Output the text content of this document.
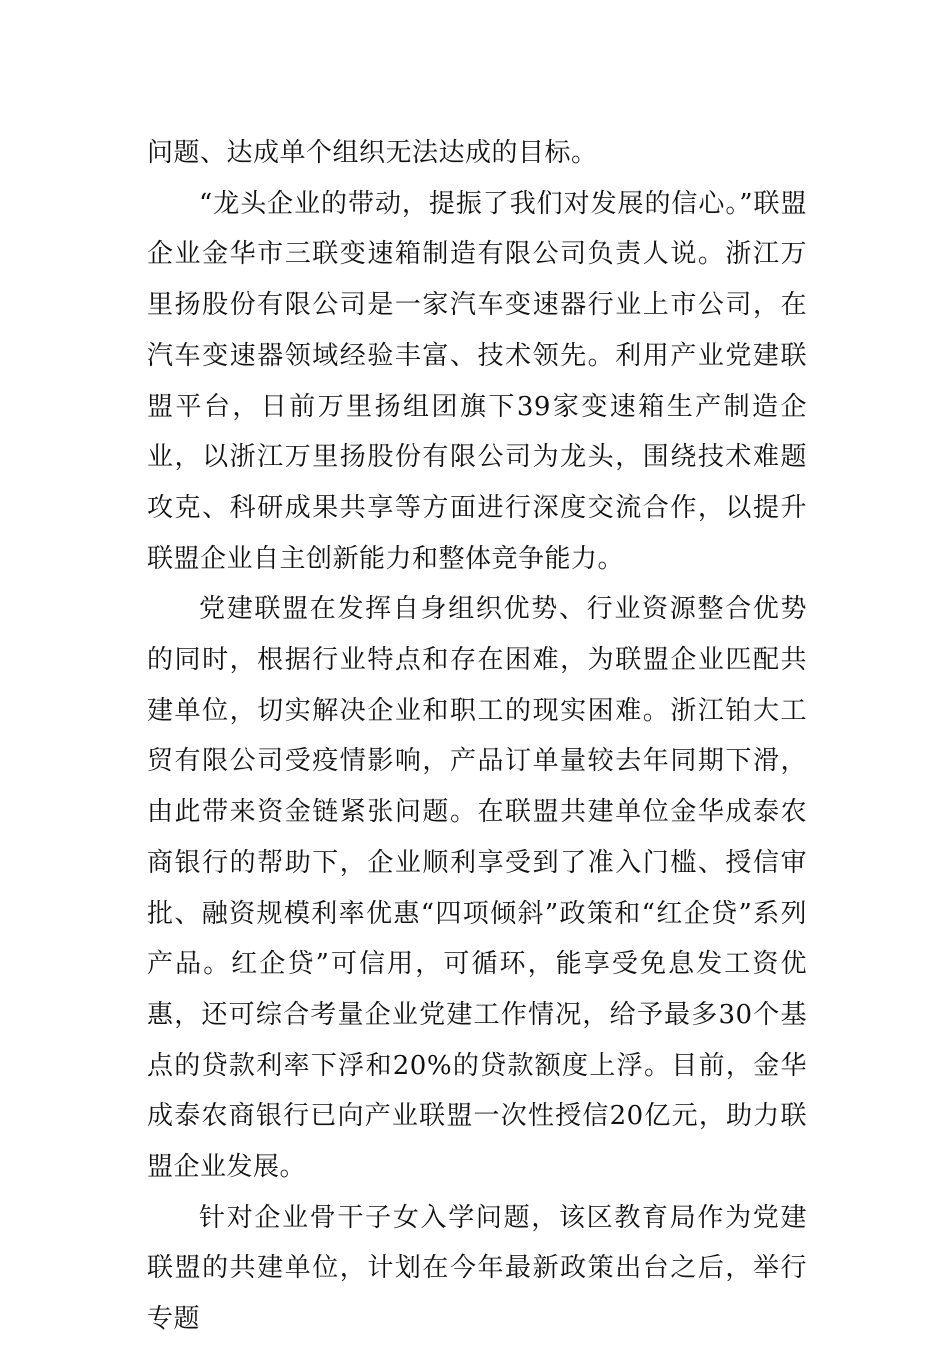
问题、达成单个组织无法达成的目标。

“龙头企业的带动，提振了我们对发展的信心。”联盟企业金华市三联变速箱制造有限公司负责人说。浙江万里扬股份有限公司是一家汽车变速器行业上市公司，在汽车变速器领域经验丰富、技术领先。利用产业党建联盟平台，日前万里扬组团旗下39家变速箱生产制造企业，以浙江万里扬股份有限公司为龙头，围绕技术难题攻克、科研成果共享等方面进行深度交流合作，以提升联盟企业自主创新能力和整体竞争能力。

党建联盟在发挥自身组织优势、行业资源整合优势的同时，根据行业特点和存在困难，为联盟企业匹配共建单位，切实解决企业和职工的现实困难。浙江铂大工贸有限公司受疫情影响，产品订单量较去年同期下滑，由此带来资金链紧张问题。在联盟共建单位金华成泰农商银行的帮助下，企业顺利享受到了准入门槛、授信审批、融资规模利率优惠“四项倾斜”政策和“红企贷”系列产品。红企贷”可信用，可循环，能享受免息发工资优惠，还可综合考量企业党建工作情况，给予最多30个基点的贷款利率下浮和20%的贷款额度上浮。目前，金华成泰农商银行已向产业联盟一次性授信20亿元，助力联盟企业发展。

针对企业骨干子女入学问题，该区教育局作为党建联盟的共建单位，计划在今年最新政策出台之后，举行专题
